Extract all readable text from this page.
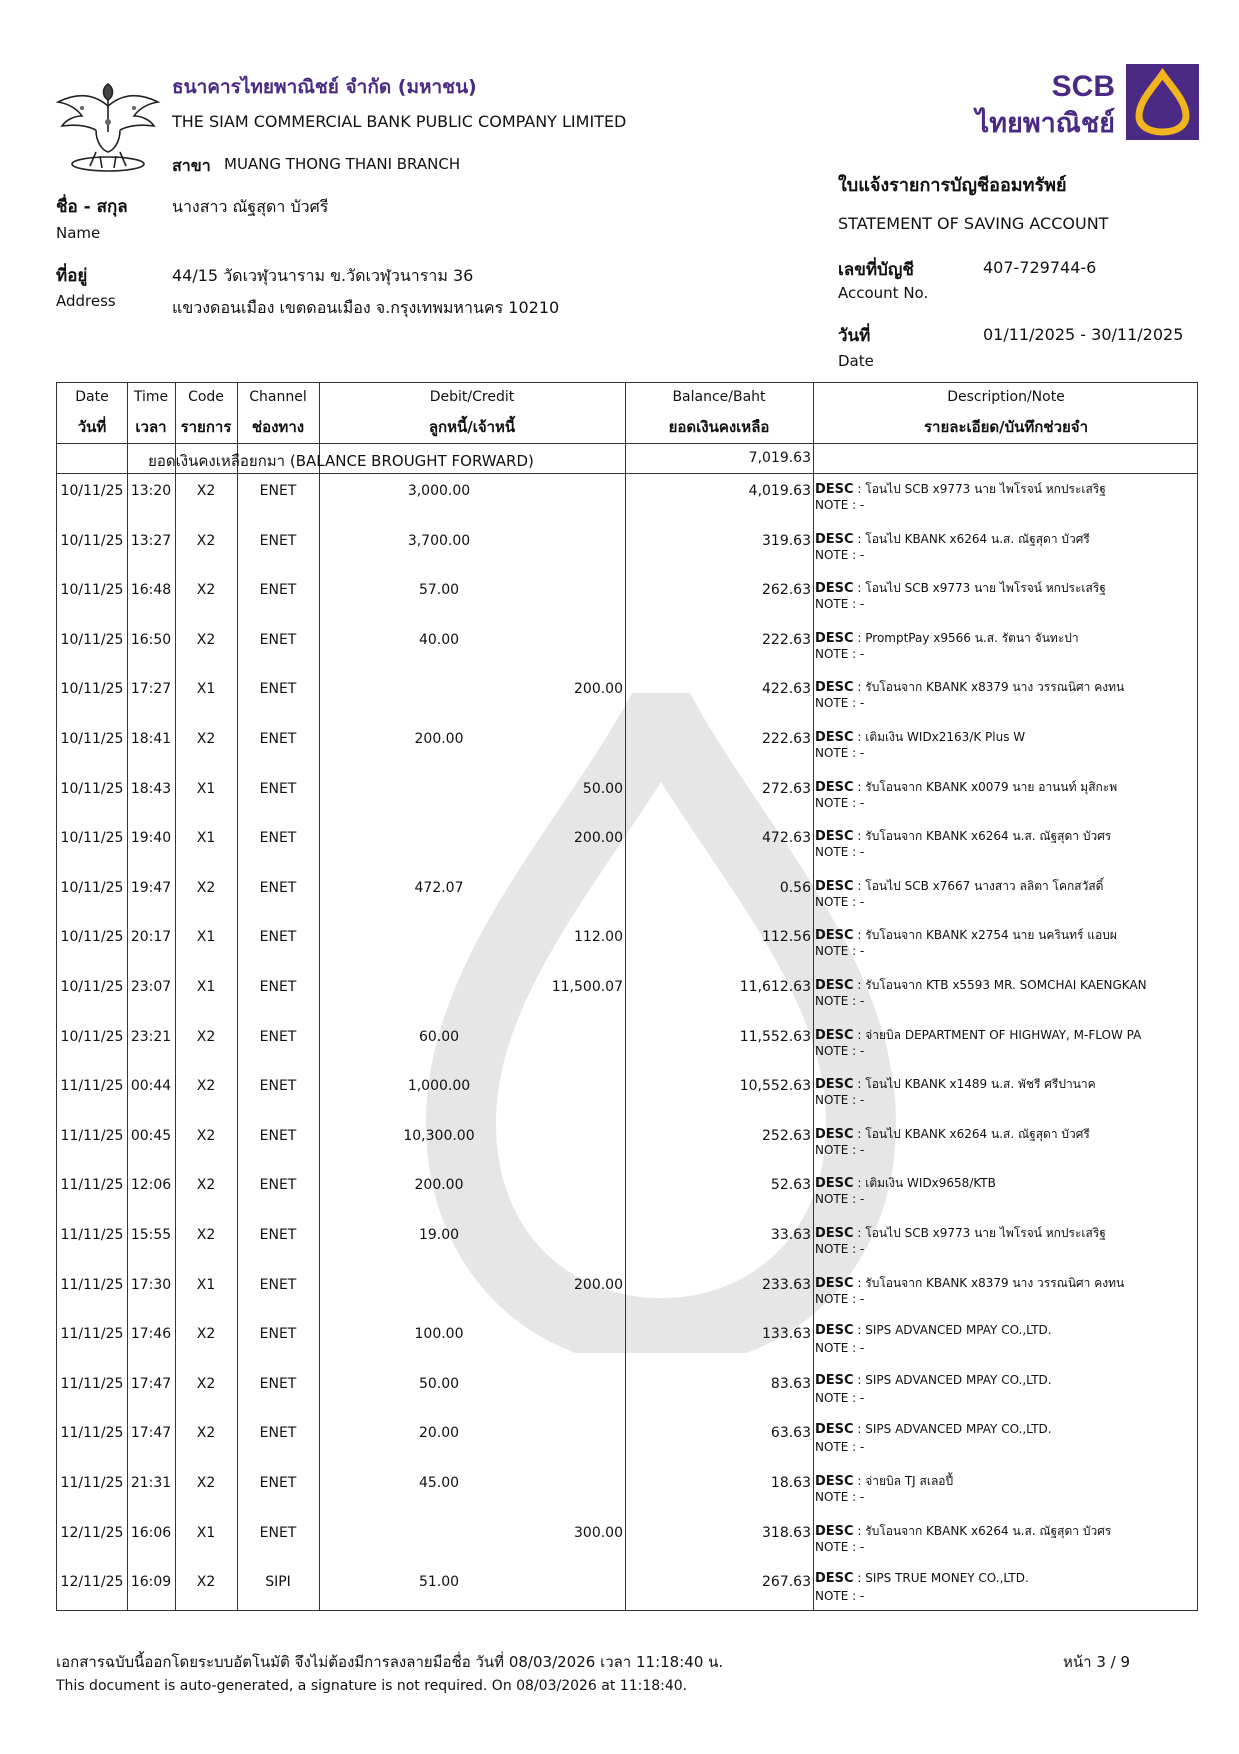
ธนาคารไทยพาณิชย์ จำกัด (มหาชน)
THE SIAM COMMERCIAL BANK PUBLIC COMPANY LIMITED
สาขา MUANG THONG THANI BRANCH
ชื่อ - สกุล
Name
นางสาว ณัฐสุดา บัวศรี
ที่อยู่
Address
44/15 วัดเวฬุวนาราม ข.วัดเวฬุวนาราม 36
แขวงดอนเมือง เขตดอนเมือง จ.กรุงเทพมหานคร 10210
SCB
ไทยพาณิชย์
ใบแจ้งรายการบัญชีออมทรัพย์
STATEMENT OF SAVING ACCOUNT
เลขที่บัญชี
Account No.
407-729744-6
วันที่
Date
01/11/2025 - 30/11/2025
Date	Time	Code	Channel	Debit/Credit	Balance/Baht	Description/Note
วันที่	เวลา รายการ	ช่องทาง	ลูกหนี้/เจ้าหนี้	ยอดเงินคงเหลือ	รายละเอียด/บันทึกช่วยจำ
ยอดเงินคงเหลือยกมา (BALANCE BROUGHT FORWARD)	7,019.63
10/11/25 13:20	X2	ENET	3,000.00	4,019.63 DESC : โอนไป SCB x9773 นาย ไพโรจน์ หกประเสริฐ
NOTE : -
10/11/25 13:27	X2	ENET	3,700.00	319.63 DESC : โอนไป KBANK x6264 น.ส. ณัฐสุดา บัวศรี
NOTE : -
10/11/25 16:48	X2	ENET	57.00	262.63 DESC : โอนไป SCB x9773 นาย ไพโรจน์ หกประเสริฐ
NOTE : -
10/11/25 16:50	X2	ENET	40.00	222.63 DESC : PromptPay x9566 น.ส. รัตนา จันทะปา
NOTE : -
10/11/25 17:27	X1	ENET	200.00	422.63 DESC : รับโอนจาก KBANK x8379 นาง วรรณนิศา คงทน
NOTE : -
10/11/25 18:41	X2	ENET	200.00	222.63 DESC : เติมเงิน WIDx2163/K Plus W
NOTE : -
10/11/25 18:43	X1	ENET	50.00	272.63 DESC : รับโอนจาก KBANK x0079 นาย อานนท์ มุสิกะพ
NOTE : -
10/11/25 19:40	X1	ENET	200.00	472.63 DESC : รับโอนจาก KBANK x6264 น.ส. ณัฐสุดา บัวศร
NOTE : -
10/11/25 19:47	X2	ENET	472.07	0.56 DESC : โอนไป SCB x7667 นางสาว ลลิตา โคกสวัสดิ์
NOTE : -
10/11/25 20:17	X1	ENET	112.00	112.56 DESC : รับโอนจาก KBANK x2754 นาย นครินทร์ แอบผ
NOTE : -
10/11/25 23:07	X1	ENET	11,500.07	11,612.63 DESC : รับโอนจาก KTB x5593 MR. SOMCHAI KAENGKAN
NOTE : -
10/11/25 23:21	X2	ENET	60.00	11,552.63 DESC : จ่ายบิล DEPARTMENT OF HIGHWAY, M-FLOW PA
NOTE : -
11/11/25 00:44	X2	ENET	1,000.00	10,552.63 DESC : โอนไป KBANK x1489 น.ส. พัชรี ศรีปานาค
NOTE : -
11/11/25 00:45	X2	ENET	10,300.00	252.63 DESC : โอนไป KBANK x6264 น.ส. ณัฐสุดา บัวศรี
NOTE : -
11/11/25 12:06	X2	ENET	200.00	52.63 DESC : เติมเงิน WIDx9658/KTB
NOTE : -
11/11/25 15:55	X2	ENET	19.00	33.63 DESC : โอนไป SCB x9773 นาย ไพโรจน์ หกประเสริฐ
NOTE : -
11/11/25 17:30	X1	ENET	200.00	233.63 DESC : รับโอนจาก KBANK x8379 นาง วรรณนิศา คงทน
NOTE : -
11/11/25 17:46	X2	ENET	100.00	133.63 DESC : SIPS ADVANCED MPAY CO.,LTD.
NOTE : -
11/11/25 17:47	X2	ENET	50.00	83.63 DESC : SIPS ADVANCED MPAY CO.,LTD.
NOTE : -
11/11/25 17:47	X2	ENET	20.00	63.63 DESC : SIPS ADVANCED MPAY CO.,LTD.
NOTE : -
11/11/25 21:31	X2	ENET	45.00	18.63 DESC : จ่ายบิล TJ สเลอปี้
NOTE : -
12/11/25 16:06	X1	ENET	300.00	318.63 DESC : รับโอนจาก KBANK x6264 น.ส. ณัฐสุดา บัวศร
NOTE : -
12/11/25 16:09	X2	SIPI	51.00	267.63 DESC : SIPS TRUE MONEY CO.,LTD.
NOTE : -
เอกสารฉบับนี้ออกโดยระบบอัตโนมัติ จึงไม่ต้องมีการลงลายมือชื่อ วันที่ 08/03/2026 เวลา 11:18:40 น.
This document is auto-generated, a signature is not required. On 08/03/2026 at 11:18:40.
หน้า 3 / 9
